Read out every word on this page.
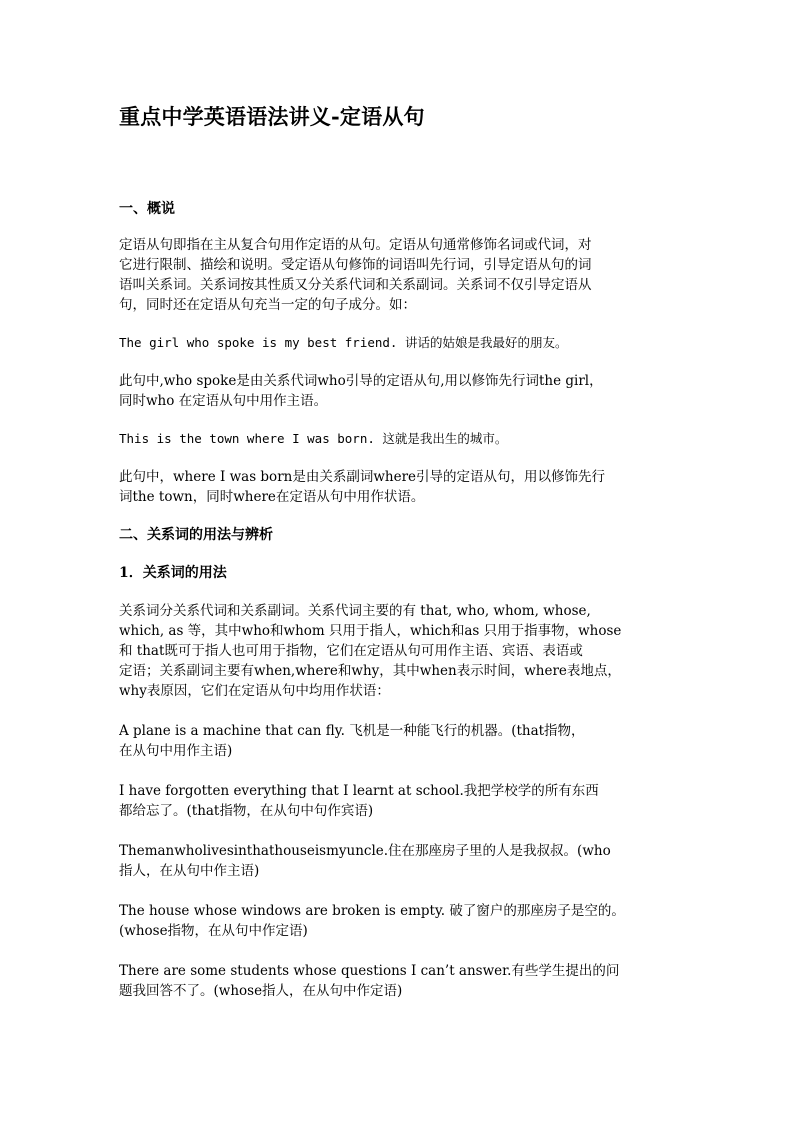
重点中学英语语法讲义-定语从句
一、概说

定语从句即指在主从复合句用作定语的从句。定语从句通常修饰名词或代词，对
它进行限制、描绘和说明。受定语从句修饰的词语叫先行词，引导定语从句的词
语叫关系词。关系词按其性质又分关系代词和关系副词。关系词不仅引导定语从
句，同时还在定语从句充当一定的句子成分。如：

The girl who spoke is my best friend. 讲话的姑娘是我最好的朋友。

此句中,who spoke是由关系代词who引导的定语从句,用以修饰先行词the girl，
同时who 在定语从句中用作主语。

This is the town where I was born. 这就是我出生的城市。

此句中，where I was born是由关系副词where引导的定语从句，用以修饰先行
词the town，同时where在定语从句中用作状语。

二、关系词的用法与辨析
1．关系词的用法

关系词分关系代词和关系副词。关系代词主要的有 that, who, whom, whose,
which, as 等，其中who和whom 只用于指人，which和as 只用于指事物，whose
和 that既可于指人也可用于指物，它们在定语从句可用作主语、宾语、表语或
定语；关系副词主要有when,where和why，其中when表示时间，where表地点，
why表原因，它们在定语从句中均用作状语：

A plane is a machine that can fly. 飞机是一种能飞行的机器。(that指物，
在从句中用作主语)

I have forgotten everything that I learnt at school.我把学校学的所有东西
都给忘了。(that指物，在从句中句作宾语)

Themanwholivesinthathouseismyuncle.住在那座房子里的人是我叔叔。(who
指人，在从句中作主语)

The house whose windows are broken is empty. 破了窗户的那座房子是空的。
(whose指物，在从句中作定语)

There are some students whose questions I can’t answer.有些学生提出的问
题我回答不了。(whose指人，在从句中作定语)
